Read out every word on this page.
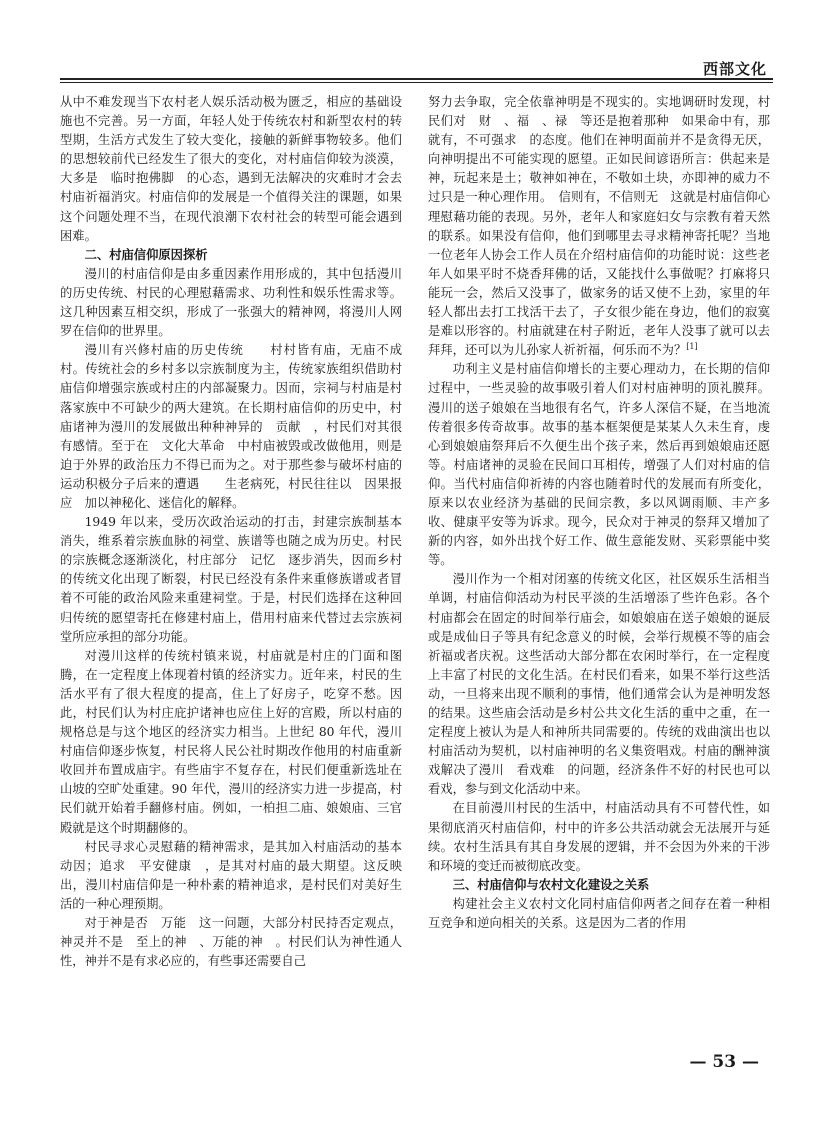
西部文化

从中不难发现当下农村老人娱乐活动极为匮乏，相应的基础设施也不完善。另一方面，年轻人处于传统农村和新型农村的转型期，生活方式发生了较大变化，接触的新鲜事物较多。他们的思想较前代已经发生了很大的变化，对村庙信仰较为淡漠，大多是　临时抱佛脚　的心态，遇到无法解决的灾难时才会去村庙祈福消灾。村庙信仰的发展是一个值得关注的课题，如果这个问题处理不当，在现代浪潮下农村社会的转型可能会遇到困难。

二、村庙信仰原因探析

漫川的村庙信仰是由多重因素作用形成的，其中包括漫川的历史传统、村民的心理慰藉需求、功利性和娱乐性需求等。这几种因素互相交织，形成了一张强大的精神网，将漫川人网罗在信仰的世界里。

漫川有兴修村庙的历史传统　　村村皆有庙，无庙不成村。传统社会的乡村多以宗族制度为主，传统家族组织借助村庙信仰增强宗族或村庄的内部凝聚力。因而，宗祠与村庙是村落家族中不可缺少的两大建筑。在长期村庙信仰的历史中，村庙诸神为漫川的发展做出种种神异的　贡献　，村民们对其很有感情。至于在　文化大革命　中村庙被毁或改做他用，则是迫于外界的政治压力不得已而为之。对于那些参与破坏村庙的运动积极分子后来的遭遇　　生老病死，村民往往以　因果报应　加以神秘化、迷信化的解释。

1949 年以来，受历次政治运动的打击，封建宗族制基本消失，维系着宗族血脉的祠堂、族谱等也随之成为历史。村民的宗族概念逐渐淡化，村庄部分　记忆　逐步消失，因而乡村的传统文化出现了断裂，村民已经没有条件来重修族谱或者冒着不可能的政治风险来重建祠堂。于是，村民们选择在这种回归传统的愿望寄托在修建村庙上，借用村庙来代替过去宗族祠堂所应承担的部分功能。

对漫川这样的传统村镇来说，村庙就是村庄的门面和图腾，在一定程度上体现着村镇的经济实力。近年来，村民的生活水平有了很大程度的提高，住上了好房子，吃穿不愁。因此，村民们认为村庄庇护诸神也应住上好的宫殿，所以村庙的规格总是与这个地区的经济实力相当。上世纪 80 年代，漫川村庙信仰逐步恢复，村民将人民公社时期改作他用的村庙重新收回并布置成庙宇。有些庙宇不复存在，村民们便重新选址在山坡的空旷处重建。90 年代，漫川的经济实力进一步提高，村民们就开始着手翻修村庙。例如，一柏担二庙、娘娘庙、三官殿就是这个时期翻修的。

村民寻求心灵慰藉的精神需求，是其加入村庙活动的基本动因；追求　平安健康　，是其对村庙的最大期望。这反映出，漫川村庙信仰是一种朴素的精神追求，是村民们对美好生活的一种心理预期。

对于神是否　万能　这一问题，大部分村民持否定观点，神灵并不是　至上的神　、万能的神　。村民们认为神性通人性，神并不是有求必应的，有些事还需要自己

努力去争取，完全依靠神明是不现实的。实地调研时发现，村民们对　财　、福　、禄　等还是抱着那种　如果命中有，那就有，不可强求　的态度。他们在神明面前并不是贪得无厌，向神明提出不可能实现的愿望。正如民间谚语所言：供起来是神，玩起来是土；敬神如神在，不敬如土块，亦即神的威力不过只是一种心理作用。　信则有，不信则无　这就是村庙信仰心理慰藉功能的表现。另外，老年人和家庭妇女与宗教有着天然的联系。如果没有信仰，他们到哪里去寻求精神寄托呢？当地一位老年人协会工作人员在介绍村庙信仰的功能时说：这些老年人如果平时不烧香拜佛的话，又能找什么事做呢？打麻将只能玩一会，然后又没事了，做家务的话又使不上劲，家里的年轻人都出去打工找活干去了，子女很少能在身边，他们的寂寞是难以形容的。村庙就建在村子附近，老年人没事了就可以去拜拜，还可以为儿孙家人祈祈福，何乐而不为？[1]

功利主义是村庙信仰增长的主要心理动力，在长期的信仰过程中，一些灵验的故事吸引着人们对村庙神明的顶礼膜拜。漫川的送子娘娘在当地很有名气，许多人深信不疑，在当地流传着很多传奇故事。故事的基本框架便是某某人久未生育，虔心到娘娘庙祭拜后不久便生出个孩子来，然后再到娘娘庙还愿等。村庙诸神的灵验在民间口耳相传，增强了人们对村庙的信仰。当代村庙信仰祈祷的内容也随着时代的发展而有所变化，原来以农业经济为基础的民间宗教，多以风调雨顺、丰产多收、健康平安等为诉求。现今，民众对于神灵的祭拜又增加了新的内容，如外出找个好工作、做生意能发财、买彩票能中奖等。

漫川作为一个相对闭塞的传统文化区，社区娱乐生活相当单调，村庙信仰活动为村民平淡的生活增添了些许色彩。各个村庙都会在固定的时间举行庙会，如娘娘庙在送子娘娘的诞辰或是成仙日子等具有纪念意义的时候，会举行规模不等的庙会祈福或者庆祝。这些活动大部分都在农闲时举行，在一定程度上丰富了村民的文化生活。在村民们看来，如果不举行这些活动，一旦将来出现不顺利的事情，他们通常会认为是神明发怒的结果。这些庙会活动是乡村公共文化生活的重中之重，在一定程度上被认为是人和神所共同需要的。传统的戏曲演出也以村庙活动为契机，以村庙神明的名义集资唱戏。村庙的酬神演戏解决了漫川　看戏难　的问题，经济条件不好的村民也可以看戏，参与到文化活动中来。

在目前漫川村民的生活中，村庙活动具有不可替代性，如果彻底消灭村庙信仰，村中的许多公共活动就会无法展开与延续。农村生活具有其自身发展的逻辑，并不会因为外来的干涉和环境的变迁而被彻底改变。

三、村庙信仰与农村文化建设之关系

构建社会主义农村文化同村庙信仰两者之间存在着一种相互竞争和逆向相关的关系。这是因为二者的作用

— 53 —
